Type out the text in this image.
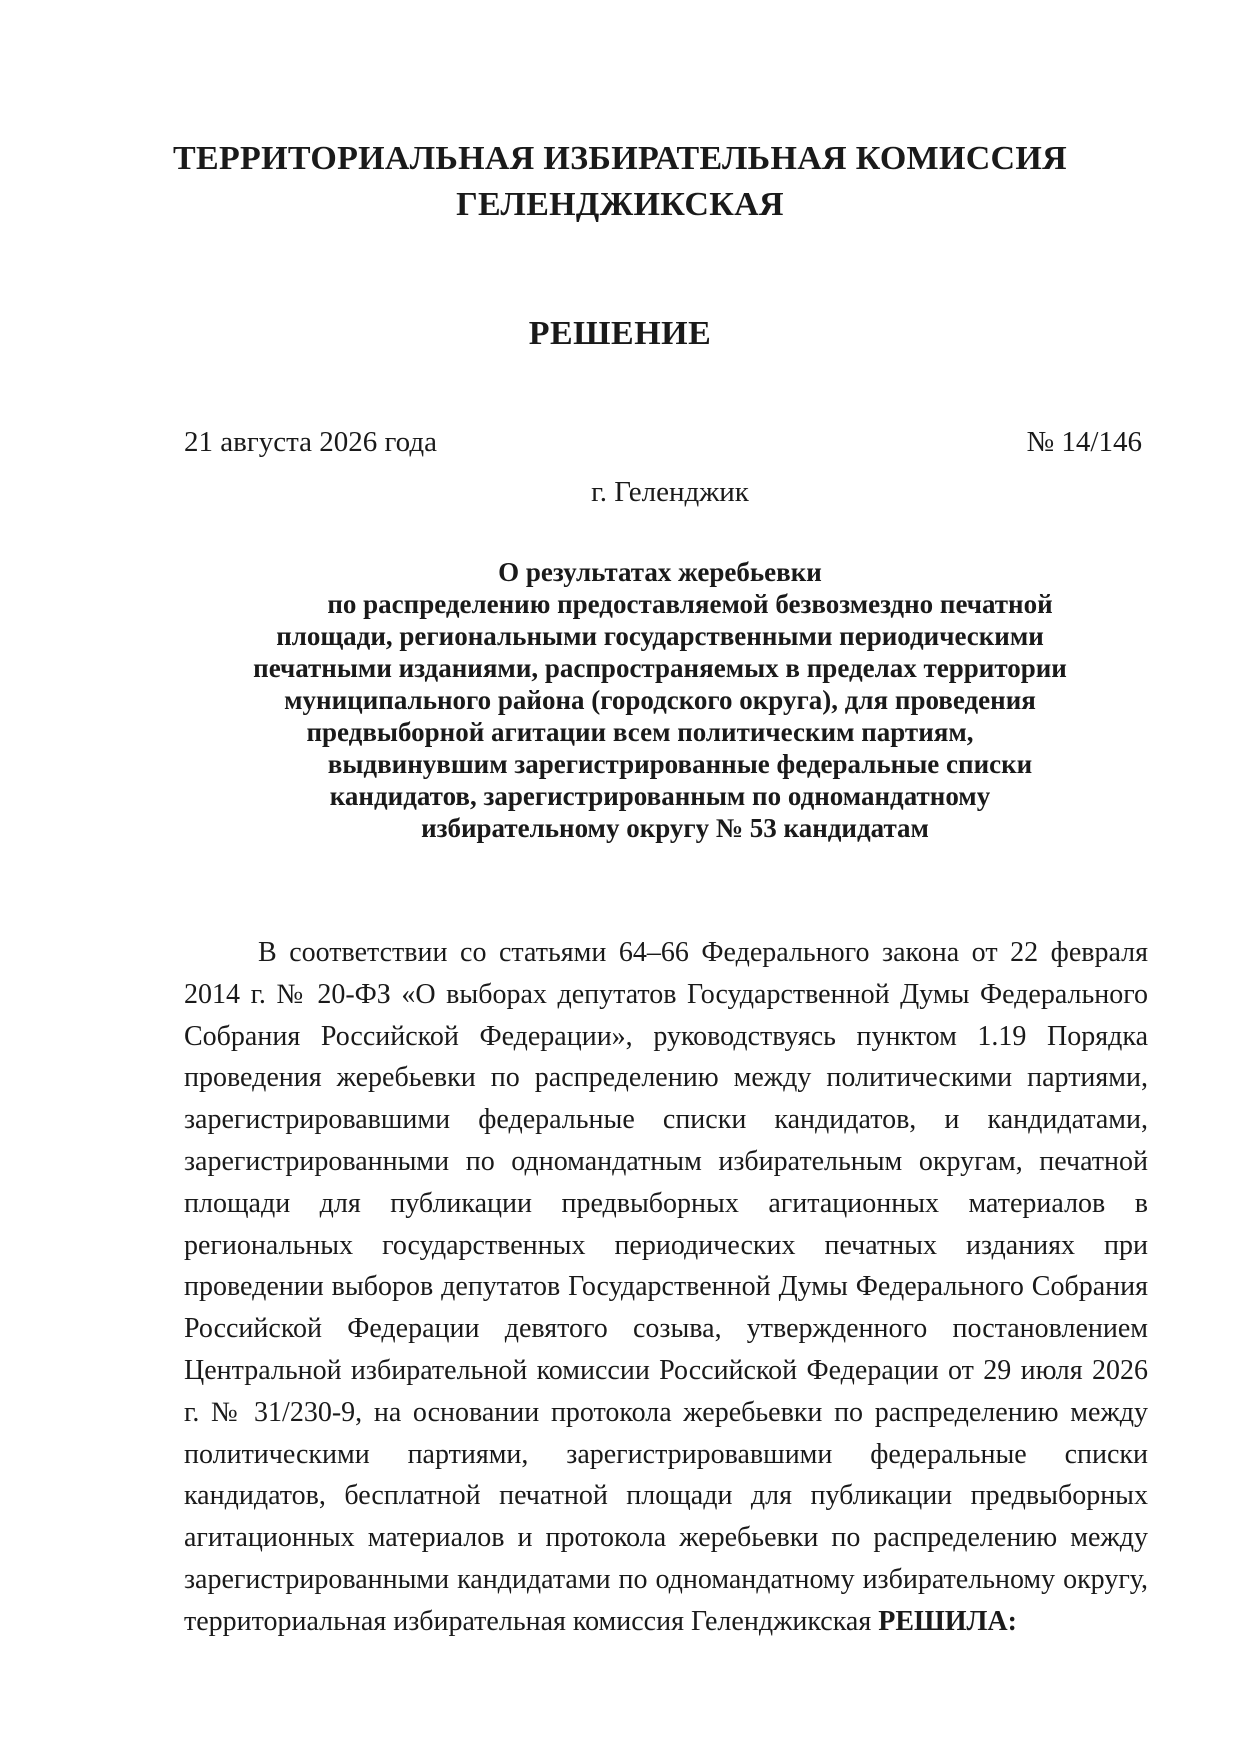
ТЕРРИТОРИАЛЬНАЯ ИЗБИРАТЕЛЬНАЯ КОМИССИЯ
ГЕЛЕНДЖИКСКАЯ
РЕШЕНИЕ
21 августа 2026 года	№ 14/146
г. Геленджик
О результатах жеребьевки
по распределению предоставляемой безвозмездно печатной
площади, региональными государственными периодическими
печатными изданиями, распространяемых в пределах территории
муниципального района (городского округа), для проведения
предвыборной агитации всем политическим партиям,
выдвинувшим зарегистрированные федеральные списки
кандидатов, зарегистрированным по одномандатному
избирательному округу № 53 кандидатам

В соответствии со статьями 64–66 Федерального закона от 22 февраля 2014 г. № 20-ФЗ «О выборах депутатов Государственной Думы Федерального Собрания Российской Федерации», руководствуясь пунктом 1.19 Порядка проведения жеребьевки по распределению между политическими партиями, зарегистрировавшими федеральные списки кандидатов, и кандидатами, зарегистрированными по одномандатным избирательным округам, печатной площади для публикации предвыборных агитационных материалов в региональных государственных периодических печатных изданиях при проведении выборов депутатов Государственной Думы Федерального Собрания Российской Федерации девятого созыва, утвержденного постановлением Центральной избирательной комиссии Российской Федерации от 29 июля 2026 г. № 31/230-9, на основании протокола жеребьевки по распределению между политическими партиями, зарегистрировавшими федеральные списки кандидатов, бесплатной печатной площади для публикации предвыборных агитационных материалов и протокола жеребьевки по распределению между зарегистрированными кандидатами по одномандатному избирательному округу, территориальная избирательная комиссия Геленджикская РЕШИЛА:
